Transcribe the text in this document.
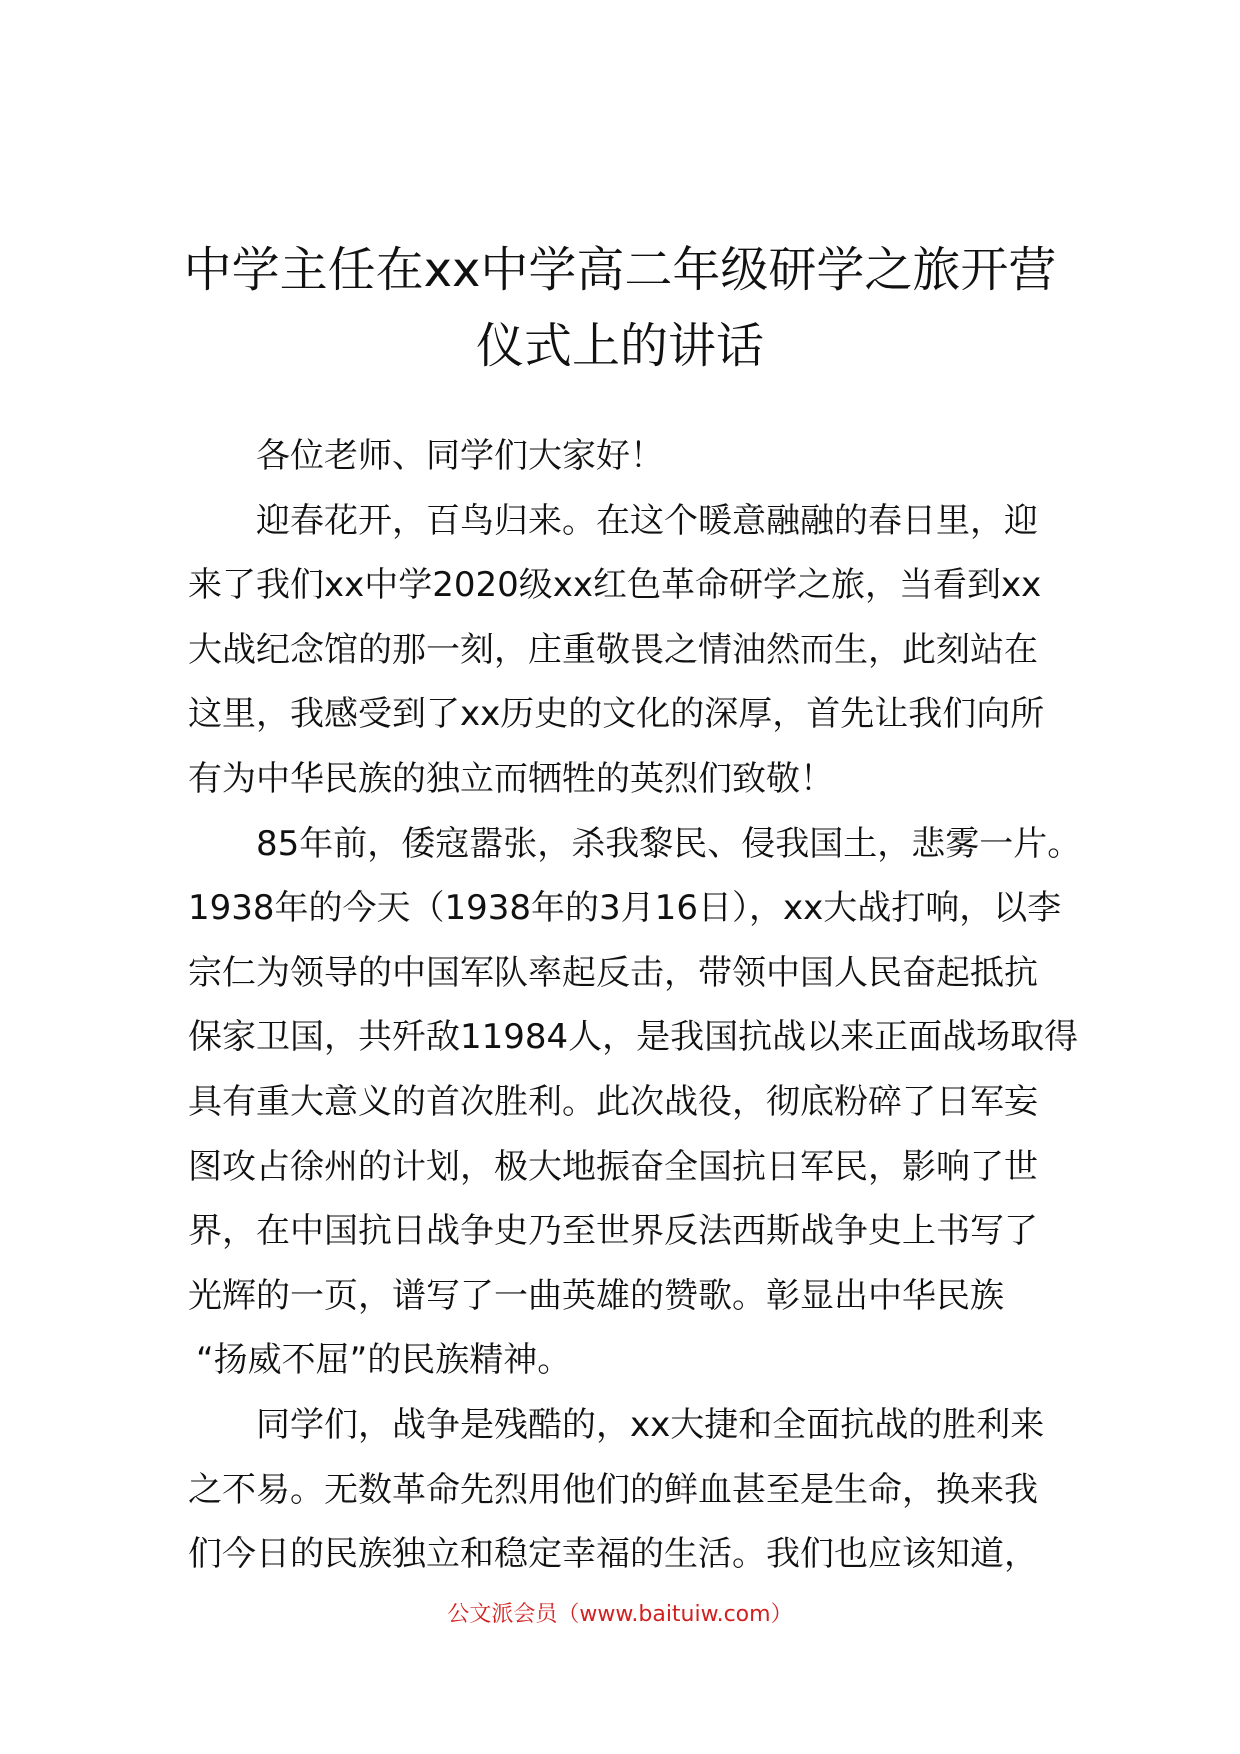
中学主任在xx中学高二年级研学之旅开营
仪式上的讲话
各位老师、同学们大家好！
迎春花开，百鸟归来。在这个暖意融融的春日里，迎
来了我们xx中学2020级xx红色革命研学之旅，当看到xx
大战纪念馆的那一刻，庄重敬畏之情油然而生，此刻站在
这里，我感受到了xx历史的文化的深厚，首先让我们向所
有为中华民族的独立而牺牲的英烈们致敬！
85年前，倭寇嚣张，杀我黎民、侵我国土，悲雾一片。
1938年的今天（1938年的3月16日），xx大战打响，以李
宗仁为领导的中国军队率起反击，带领中国人民奋起抵抗
保家卫国，共歼敌11984人，是我国抗战以来正面战场取得
具有重大意义的首次胜利。此次战役，彻底粉碎了日军妄
图攻占徐州的计划，极大地振奋全国抗日军民，影响了世
界，在中国抗日战争史乃至世界反法西斯战争史上书写了
光辉的一页，谱写了一曲英雄的赞歌。彰显出中华民族
“扬威不屈”的民族精神。
同学们，战争是残酷的，xx大捷和全面抗战的胜利来
之不易。无数革命先烈用他们的鲜血甚至是生命，换来我
们今日的民族独立和稳定幸福的生活。我们也应该知道，
公文派会员（www.baituiw.com）
